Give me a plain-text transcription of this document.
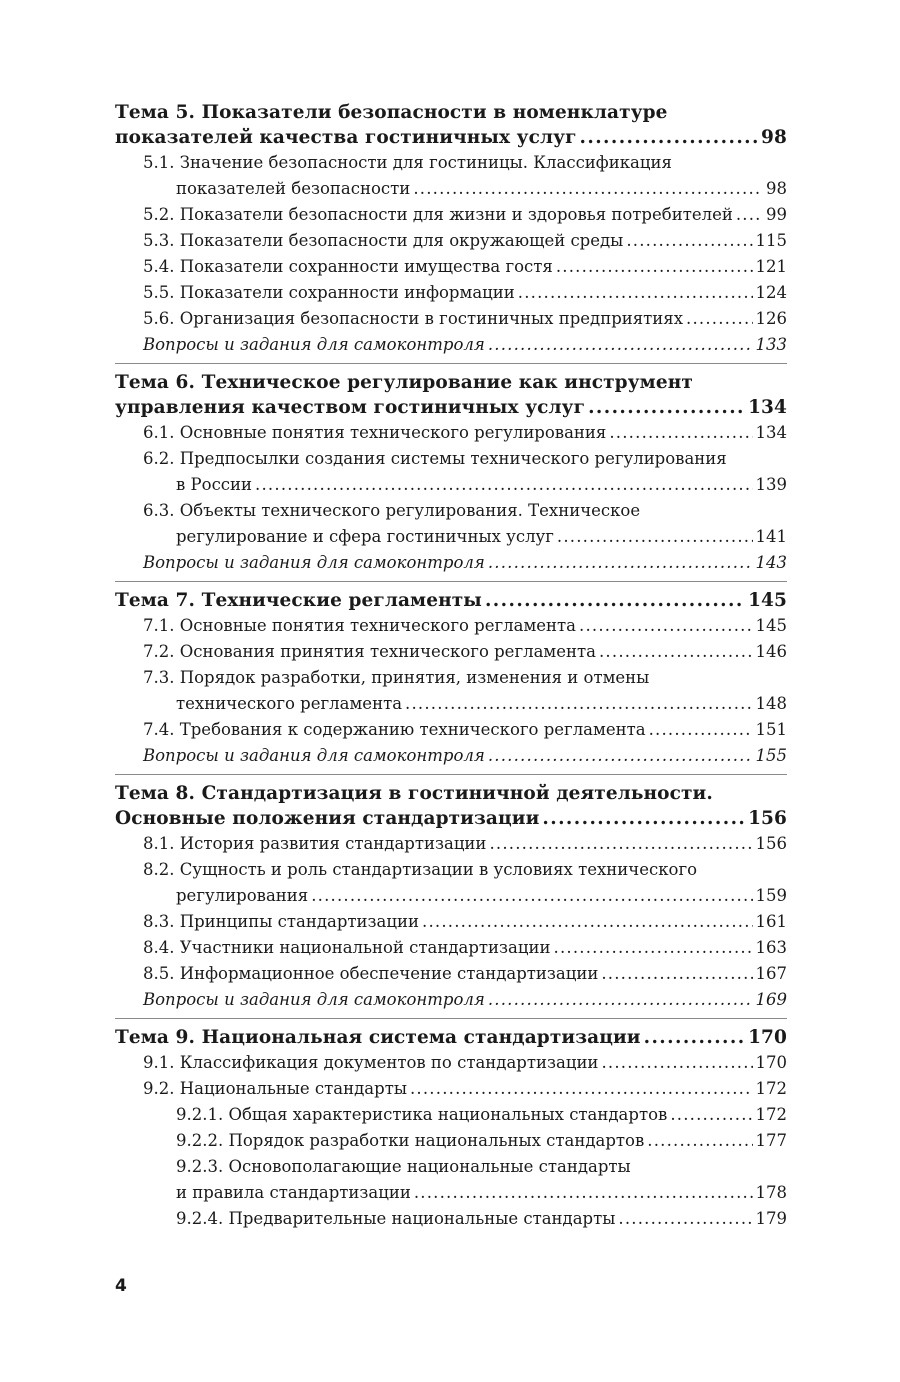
Тема 5. Показатели безопасности в номенклатуре
показателей качества гостиничных услуг .....	98
5.1. Значение безопасности для гостиницы. Классификация
показателей безопасности .....	98
5.2. Показатели безопасности для жизни и здоровья потребителей ..... 99
5.3. Показатели безопасности для окружающей среды .....	115
5.4. Показатели сохранности имущества гостя .....	121
5.5. Показатели сохранности информации .....	124
5.6. Организация безопасности в гостиничных предприятиях .....	126
Вопросы и задания для самоконтроля .....	133
Тема 6. Техническое регулирование как инструмент
управления качеством гостиничных услуг .....	134
6.1. Основные понятия технического регулирования .....	134
6.2. Предпосылки создания системы технического регулирования
в России .....	139
6.3. Объекты технического регулирования. Техническое
регулирование и сфера гостиничных услуг .....	141
Вопросы и задания для самоконтроля .....	143
Тема 7. Технические регламенты .....	145
7.1. Основные понятия технического регламента .....	145
7.2. Основания принятия технического регламента .....	146
7.3. Порядок разработки, принятия, изменения и отмены
технического регламента .....	148
7.4. Требования к содержанию технического регламента .....	151
Вопросы и задания для самоконтроля .....	155
Тема 8. Стандартизация в гостиничной деятельности.
Основные положения стандартизации .....	156
8.1. История развития стандартизации .....	156
8.2. Сущность и роль стандартизации в условиях технического
регулирования .....	159
8.3. Принципы стандартизации .....	161
8.4. Участники национальной стандартизации .....	163
8.5. Информационное обеспечение стандартизации .....	167
Вопросы и задания для самоконтроля .....	169
Тема 9. Национальная система стандартизации .....	170
9.1. Классификация документов по стандартизации .....	170
9.2. Национальные стандарты .....	172
9.2.1. Общая характеристика национальных стандартов .....	172
9.2.2. Порядок разработки национальных стандартов .....	177
9.2.3. Основополагающие национальные стандарты
и правила стандартизации .....	178
9.2.4. Предварительные национальные стандарты .....	179
4
